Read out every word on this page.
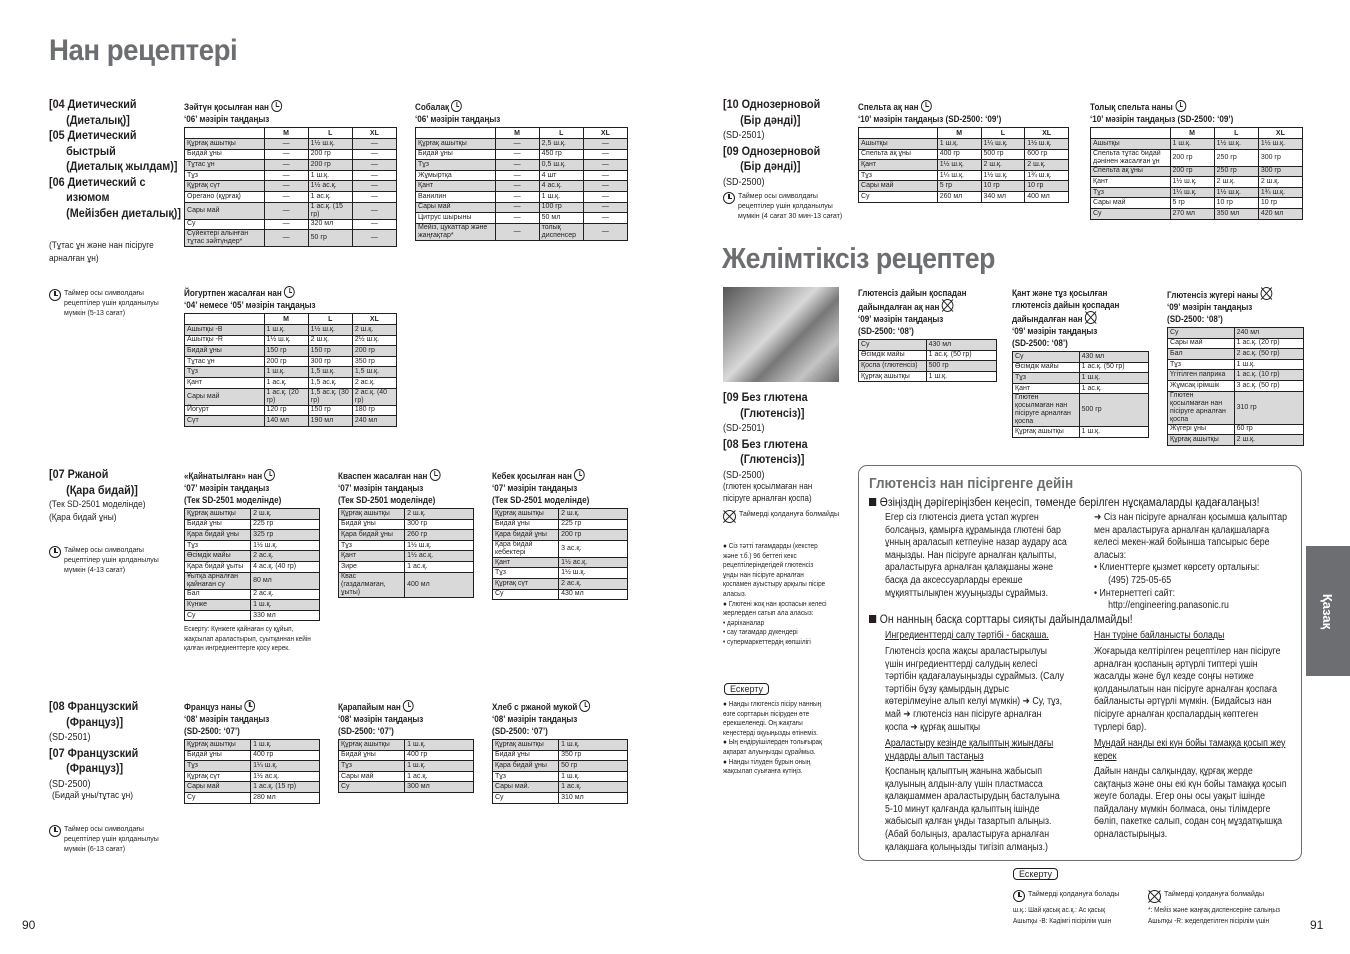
Нан рецептері
[04 Диетический
(Диеталық)]
[05 Диетический
быстрый
(Диеталық жылдам)]
[06 Диетический с
изюмом
(Мейізбен диеталық)]
(Тұтас ұн және нан пісіруге арналған ұн)
Таймер осы символдағы рецептілер үшін қолданылуы мүмкін (5-13 сағат)
[07 Ржаной
(Қара бидай)]
(Тек SD-2501 моделінде)
(Қара бидай ұны)
Таймер осы символдағы рецептілер үшін қолданылуы мүмкін (4-13 сағат)
[08 Французский
(Француз)]
(SD-2501)
[07 Французский
(Француз)]
(SD-2500)
(Бидай ұны/тұтас ұн)
Таймер осы символдағы рецептілер үшін қолданылуы мүмкін (6-13 сағат)
90
[10 Однозерновой
(Бір дәнді)]
(SD-2501)
[09 Однозерновой
(Бір дәнді)]
(SD-2500)
Таймер осы символдағы рецептілер үшін қолданылуы мүмкін (4 сағат 30 мин-13 сағат)
Желімтіксіз рецептер
[09 Без глютена
(Глютенсіз)]
(SD-2501)
[08 Без глютена
(Глютенсіз)]
(SD-2500)
(глютен қосылмаған нан пісіруге арналған қоспа)
Таймерді қолдануға болмайды
● Сіз тәтті тағамдарды (кекстер және т.б.) 96 беттегі кекс рецептілеріндегідей глютенсіз ұнды нан пісіруге арналған қоспамен ауыстыру арқылы пісіре аласыз.
● Глютені жоқ нан қоспасын келесі жерлерден сатып ала аласыз:
• дәріханалар
• сау тағамдар дүкендері
• супермаркеттердің көпшілігі
Ескерту
● Нанды глютенсіз пісіру нанның өзге сорттарын пісіруден өте ерекшеленеді. Оң жақтағы кеңестерді оқуыңызды өтінеміз.
● Ың ендіруішілерден толығырақ ақпарат алуыңызды сұраймыз.
● Нанды тілуден бұрын оның жақсылап суығанға күтіңіз.
Глютенсіз нан пісіргенге дейін
Өзіңіздің дәрігеріңізбен кеңесіп, төменде берілген нұсқамаларды қадағалаңыз!
Егер сіз глютенсіз диета ұстап жүрген болсаңыз, қамырға құрамында глютені бар ұнның араласып кетпеуіне назар аудару аса маңызды. Нан пісіруге арналған қалыпты, араластыруға арналған қалақшаны және басқа да аксессуарларды ерекше мұқияттылықпен жууыңызды сұраймыз.
➜ Сіз нан пісіруге арналған қосымша қалыптар мен араластыруға арналған қалақшаларға келесі мекен-жай бойынша тапсырыс бере аласыз:
• Клиенттерге қызмет көрсету орталығы:
(495) 725-05-65
• Интернеттегі сайт:
http://engineering.panasonic.ru
Он нанның басқа сорттары сияқты дайындалмайды!
Ингредиенттерді салу тәртібі - басқаша.
Глютенсіз қоспа жақсы араластырылуы үшін ингредиенттерді салудың келесі тәртібін қадағалауыңызды сұраймыз. (Салу тәртібін бұзу қамырдың дұрыс көтерілмеуіне алып келуі мүмкін) ➜ Су, тұз, май ➜ глютенсіз нан пісіруге арналған қоспа ➜ құрғақ ашытқы
Араластыру кезінде қалыптың жиындағы ұндарды алып тастаңыз
Қоспаның қалыптың жанына жабысып қалуының алдын-алу үшін пластмасса қалақшаммен араластырудың басталуына 5-10 минут қалғанда қалыптың ішінде жабысып қалған ұнды тазартып алыңыз. (Абай болыңыз, араластыруға арналған қалақшаға қолыңызды тигізіп алмаңыз.)
Нан түрінe байланысты болады
Жоғарыда келтірілген рецептілер нан пісіруге арналған қоспаның әртүрлі типтері үшін жасалды және бұл кезде соңғы нәтиже қолданылатын нан пісіруге арналған қоспаға байланысты әртүрлі мүмкін. (Бидайсыз нан пісіруге арналған қоспалардың көптеген түрлері бар).
Мұндай нанды екі күн бойы тамаққа қосып жеу керек
Дайын нанды салқындау, құрғақ жерде сақтаңыз және оны екі күн бойы тамаққа қосып жеуге болады. Егер оны осы уақыт ішінде пайдалану мүмкін болмаса, оны тілімдерге бөліп, пакетке салып, содан соң мұздатқышқа орналастырыңыз.
Ескерту
Таймерді қолдануға болады	Таймерді қолдануға болмайды
ш.қ.: Шай қасық ас.қ.: Ас қасық	*: Мейіз және жаңғақ диспенсеріне салыңыз
Ашытқы -В: Кәдімгі пісірілім үшін	Ашытқы -R: жеделдетілген пісірілім үшін
Қазақ
91
Зәйтүн қосылған нан
‘06’ мәзірін таңдаңыз
	M	L	XL
Құрғақ ашытқы	—	1½ ш.қ.	—
Бидай ұны	—	200 гр	—
Тұтас ұн	—	200 гр	—
Тұз	—	1 ш.қ.	—
Құрғақ сүт	—	1½ ас.қ.	—
Ореганo (құрғақ)	—	1 ас.қ.	—
Сары май	—	1 ас.қ. (15 гр)	—
Су	—	320 мл	—
Сүйектері алынған тұтас зәйтүндер*	—	50 гр	—
Собалақ
‘06’ мәзірін таңдаңыз
	M	L	XL
Құрғақ ашытқы	—	2,5 ш.қ.	—
Бидай ұны	—	450 гр	—
Тұз	—	0,5 ш.қ.	—
Жұмыртқа	—	4 шт	—
Қант	—	4 ас.қ.	—
Ванилин	—	1 ш.қ.	—
Сары май	—	100 гр	—
Цитрус шырыны	—	50 мл	—
Мейіз, цукаттар және жаңғақтар*	—	толық диспенсер	—
Йогуртпен жасалған нан
‘04’ немесе ‘05’ мәзірін таңдаңыз
	M	L	XL
Ашытқы -В	1 ш.қ.	1½ ш.қ.	2 ш.қ.
Ашытқы -R	1½ ш.қ.	2 ш.қ.	2½ ш.қ.
Бидай ұны	150 гр	150 гр	200 гр
Тұтас ұн	200 гр	300 гр	350 гр
Тұз	1 ш.қ.	1,5 ш.қ.	1,5 ш.қ.
Қант	1 ас.қ.	1,5 ас.қ.	2 ас.қ.
Сары май	1 ас.қ. (20 гр)	1,5 ас.қ. (30 гр)	2 ас.қ. (40 гр)
Йогурт	120 гр	150 гр	180 гр
Сүт	140 мл	190 мл	240 мл
«Қайнатылған» нан
‘07’ мәзірін таңдаңыз
(Тек SD-2501 моделінде)
Құрғақ ашытқы	2 ш.қ.
Бидай ұны	225 гр
Қара бидай ұны	325 гр
Тұз	1½ ш.қ.
Өсімдік майы	2 ас.қ.
Қара бидай ұыты	4 ас.қ. (40 гр)
Ұытқа арналған қайнаған су	80 мл
Бал	2 ас.қ.
Күнже	1 ш.қ.
Су	330 мл
Ескерту: Күнжеге қайнаған су құйып, жақсылап араластырып, суытқаннан кейін қалған ингредиенттерге қосу керек.
Квaспен жасалған нан
‘07’ мәзірін таңдаңыз
(Тек SD-2501 моделінде)
Құрғақ ашытқы	2 ш.қ.
Бидай ұны	300 гр
Қара бидай ұны	260 гр
Тұз	1½ ш.қ.
Қант	1½ ас.қ.
Зире	1 ас.қ.
Квас (газдалмаған, ұыты)	400 мл
Кебек қосылған нан
‘07’ мәзірін таңдаңыз
(Тек SD-2501 моделінде)
Құрғақ ашытқы	2 ш.қ.
Бидай ұны	225 гр
Қара бидай ұны	200 гр
Қара бидай кебектері	3 ас.қ.
Қант	1½ ас.қ.
Тұз	1½ ш.қ.
Құрғақ сүт	2 ас.қ.
Су	430 мл
Француз наны
‘08’ мәзірін таңдаңыз
(SD-2500: ‘07’)
Құрғақ ашытқы	1 ш.қ.
Бидай ұны	400 гр
Тұз	1¼ ш.қ.
Құрғақ сүт	1½ ас.қ.
Сары май	1 ас.қ. (15 гр)
Су	280 мл
Қарапайым нан
‘08’ мәзірін таңдаңыз
(SD-2500: ‘07’)
Құрғақ ашытқы	1 ш.қ.
Бидай ұны	400 гр
Тұз	1 ш.қ.
Сары май	1 ас.қ.
Су	300 мл
Хлеб с ржаной мукой
‘08’ мәзірін таңдаңыз
(SD-2500: ‘07’)
Құрғақ ашытқы	1 ш.қ.
Бидай ұны	350 гр
Қара бидай ұны	50 гр
Тұз	1 ш.қ.
Сары май.	1 ас.қ.
Су	310 мл
Спельта ақ нан
‘10’ мәзірін таңдаңыз (SD-2500: ‘09’)
	M	L	XL
Ашытқы	1 ш.қ.	1¼ ш.қ.	1½ ш.қ.
Спельта ақ ұны	400 гр	500 гр	600 гр
Қант	1½ ш.қ.	2 ш.қ.	2 ш.қ.
Тұз	1¼ ш.қ.	1½ ш.қ.	1¾ ш.қ.
Сары май	5 гр	10 гр	10 гр
Су	260 мл	340 мл	400 мл
Толық спельта наны
‘10’ мәзірін таңдаңыз (SD-2500: ‘09’)
	M	L	XL
Ашытқы	1 ш.қ.	1½ ш.қ.	1½ ш.қ.
Спельта тұтас бидай дәнінен жасалған ұн	200 гр	250 гр	300 гр
Спельта ақ ұны	200 гр	250 гр	300 гр
Қант	1½ ш.қ.	2 ш.қ.	2 ш.қ.
Тұз	1¼ ш.қ.	1½ ш.қ.	1¾ ш.қ.
Сары май	5 гр	10 гр	10 гр
Су	270 мл	350 мл	420 мл
Глютенсіз дайын қоспадан дайындалған ақ нан
‘09’ мәзірін таңдаңыз
(SD-2500: ‘08’)
Су	430 мл
Өсімдік майы	1 ас.қ. (50 гр)
Қоспа (глютенсіз)	500 гр
Құрғақ ашытқы	1 ш.қ.
Қант және тұз қосылған глютенсіз дайын қоспадан дайындалған нан
‘09’ мәзірін таңдаңыз
(SD-2500: ‘08’)
Су	430 мл
Өсімдік майы	1 ас.қ. (50 гр)
Тұз	1 ш.қ.
Қант	1 ас.қ.
Глютен қосылмаған нан пісіруге арналған қоспа	500 гр
Құрғақ ашытқы	1 ш.қ.
Глютенсіз жүгері наны
‘09’ мәзірін таңдаңыз
(SD-2500: ‘08’)
Су	240 мл
Сары май	1 ас.қ. (20 гр)
Бал	2 ас.қ. (50 гр)
Тұз	1 ш.қ.
Үгітілген паприка	1 ас.қ. (10 гр)
Жұмсақ ірімшік	3 ас.қ. (50 гр)
Глютен қосылмаған нан пісіруге арналған қоспа	310 гр
Жүгері ұны	60 гр
Құрғақ ашытқы	2 ш.қ.
